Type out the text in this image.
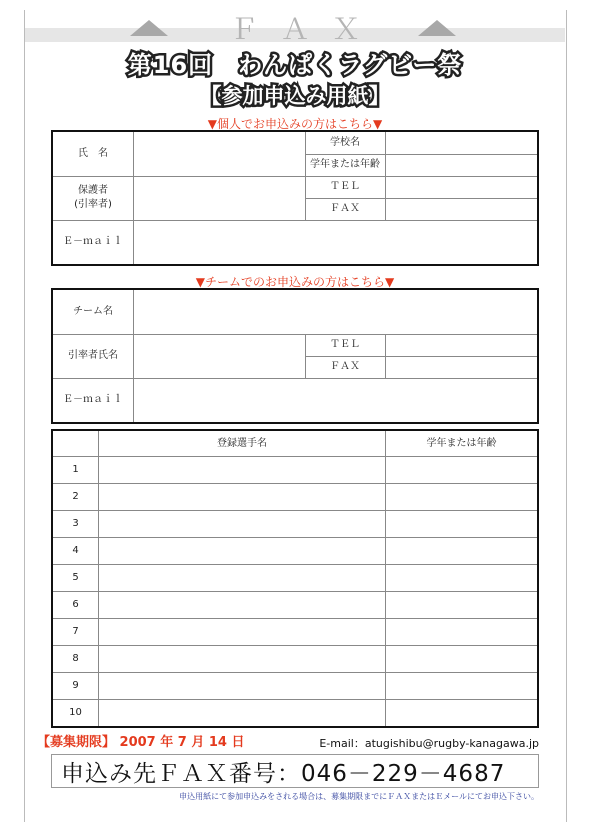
ＦＡＸ
第16回　わんぱくラグビー祭
【参加申込み用紙】
▼個人でお申込みの方はこちら▼
氏　名
学校名
学年または年齢
保護者
(引率者)
ＴＥＬ
ＦＡＸ
Ｅ－ｍａｉｌ
▼チームでのお申込みの方はこちら▼
チーム名
引率者氏名
ＴＥＬ
ＦＡＸ
Ｅ－ｍａｉｌ
登録選手名	学年または年齢
1
2
3
4
5
6
7
8
9
10
【募集期限】 2007 年 7 月 14 日	E-mail：atugishibu@rugby-kanagawa.jp
申込み先ＦＡＸ番号：046－229－4687
申込用紙にて参加申込みをされる場合は、募集期限までにＦＡＸまたはＥメールにてお申込下さい。
